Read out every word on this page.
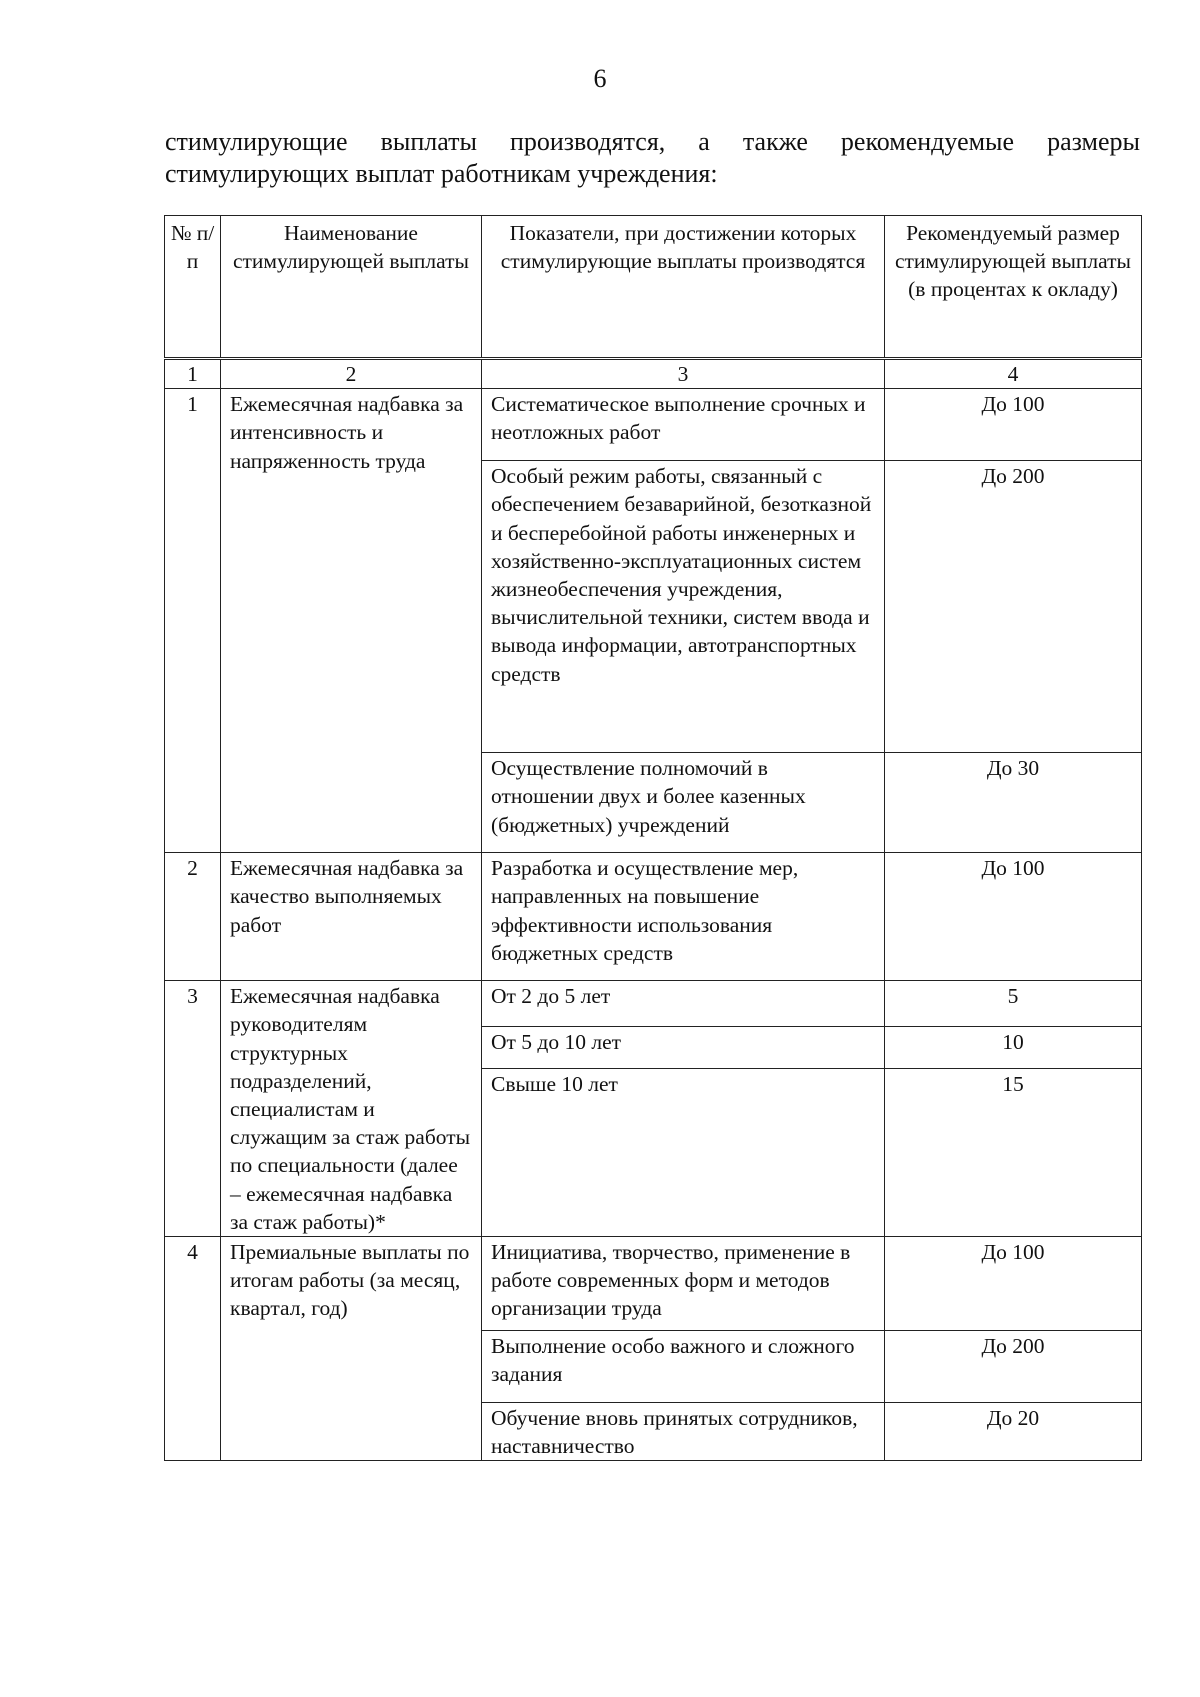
6
стимулирующие выплаты производятся, а также рекомендуемые размеры
стимулирующих выплат работникам учреждения:
№ п/п	Наименование стимулирующей выплаты	Показатели, при достижении которых стимулирующие выплаты производятся	Рекомендуемый размер стимулирующей выплаты (в процентах к окладу)
1	2	3	4
1	Ежемесячная надбавка за интенсивность и напряженность труда	Систематическое выполнение срочных и неотложных работ	До 100
		Особый режим работы, связанный с обеспечением безаварийной, безотказной и бесперебойной работы инженерных и хозяйственно-эксплуатационных систем жизнеобеспечения учреждения, вычислительной техники, систем ввода и вывода информации, автотранспортных средств	До 200
		Осуществление полномочий в отношении двух и более казенных (бюджетных) учреждений	До 30
2	Ежемесячная надбавка за качество выполняемых работ	Разработка и осуществление мер, направленных на повышение эффективности использования бюджетных средств	До 100
3	Ежемесячная надбавка руководителям структурных подразделений, специалистам и служащим за стаж работы по специальности (далее – ежемесячная надбавка за стаж работы)*	От 2 до 5 лет	5
		От 5 до 10 лет	10
		Свыше 10 лет	15
4	Премиальные выплаты по итогам работы (за месяц, квартал, год)	Инициатива, творчество, применение в работе современных форм и методов организации труда	До 100
		Выполнение особо важного и сложного задания	До 200
		Обучение вновь принятых сотрудников, наставничество	До 20
